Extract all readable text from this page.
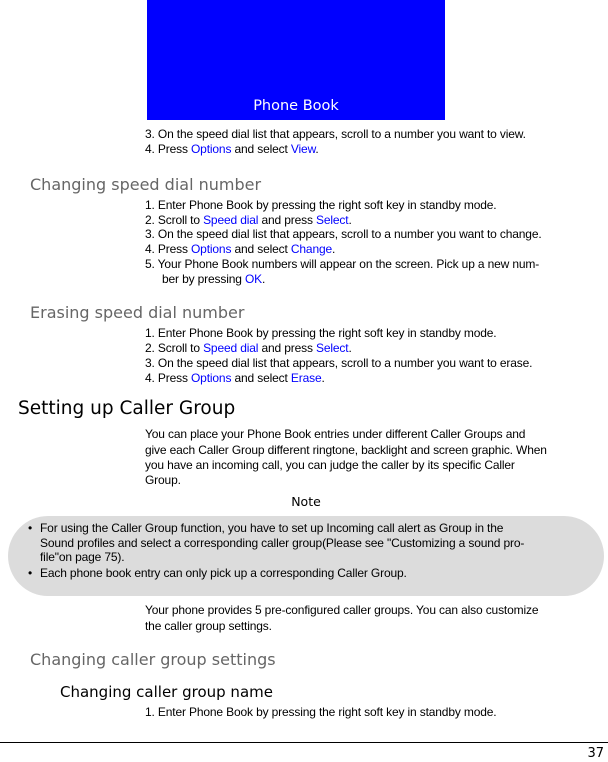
Phone Book
3. On the speed dial list that appears, scroll to a number you want to view.
4. Press Options and select View.
Changing speed dial number
1. Enter Phone Book by pressing the right soft key in standby mode.
2. Scroll to Speed dial and press Select.
3. On the speed dial list that appears, scroll to a number you want to change.
4. Press Options and select Change.
5. Your Phone Book numbers will appear on the screen. Pick up a new num-
ber by pressing OK.
Erasing speed dial number
1. Enter Phone Book by pressing the right soft key in standby mode.
2. Scroll to Speed dial and press Select.
3. On the speed dial list that appears, scroll to a number you want to erase.
4. Press Options and select Erase.
Setting up Caller Group
You can place your Phone Book entries under different Caller Groups and
give each Caller Group different ringtone, backlight and screen graphic. When
you have an incoming call, you can judge the caller by its specific Caller
Group.
Note
• For using the Caller Group function, you have to set up Incoming call alert as Group in the
Sound profiles and select a corresponding caller group(Please see "Customizing a sound pro-
file"on page 75).
• Each phone book entry can only pick up a corresponding Caller Group.
Your phone provides 5 pre-configured caller groups. You can also customize
the caller group settings.
Changing caller group settings
Changing caller group name
1. Enter Phone Book by pressing the right soft key in standby mode.
37
